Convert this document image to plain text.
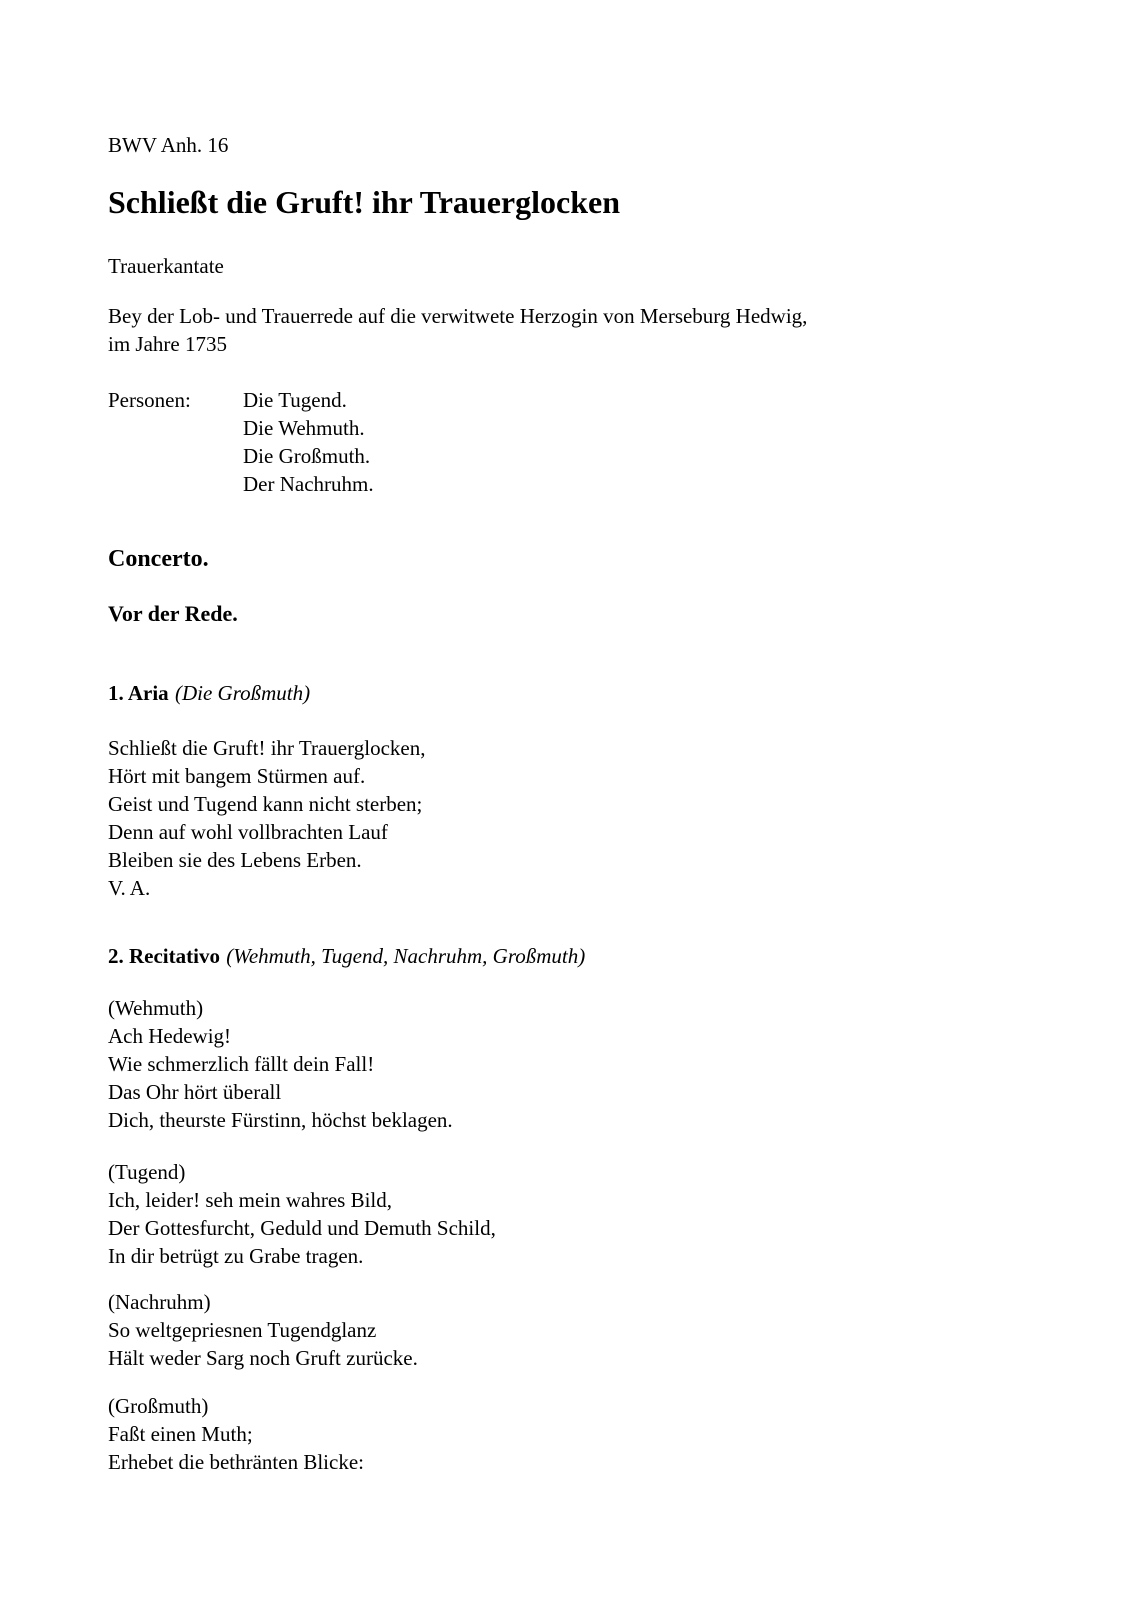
BWV Anh. 16
Schließt die Gruft! ihr Trauerglocken
Trauerkantate
Bey der Lob- und Trauerrede auf die verwitwete Herzogin von Merseburg Hedwig,
im Jahre 1735
Personen: Die Tugend.
Die Wehmuth.
Die Großmuth.
Der Nachruhm.
Concerto.
Vor der Rede.
1. Aria (Die Großmuth)
Schließt die Gruft! ihr Trauerglocken,
Hört mit bangem Stürmen auf.
Geist und Tugend kann nicht sterben;
Denn auf wohl vollbrachten Lauf
Bleiben sie des Lebens Erben.
V. A.
2. Recitativo (Wehmuth, Tugend, Nachruhm, Großmuth)
(Wehmuth)
Ach Hedewig!
Wie schmerzlich fällt dein Fall!
Das Ohr hört überall
Dich, theurste Fürstinn, höchst beklagen.
(Tugend)
Ich, leider! seh mein wahres Bild,
Der Gottesfurcht, Geduld und Demuth Schild,
In dir betrügt zu Grabe tragen.
(Nachruhm)
So weltgepriesnen Tugendglanz
Hält weder Sarg noch Gruft zurücke.
(Großmuth)
Faßt einen Muth;
Erhebet die bethränten Blicke:
